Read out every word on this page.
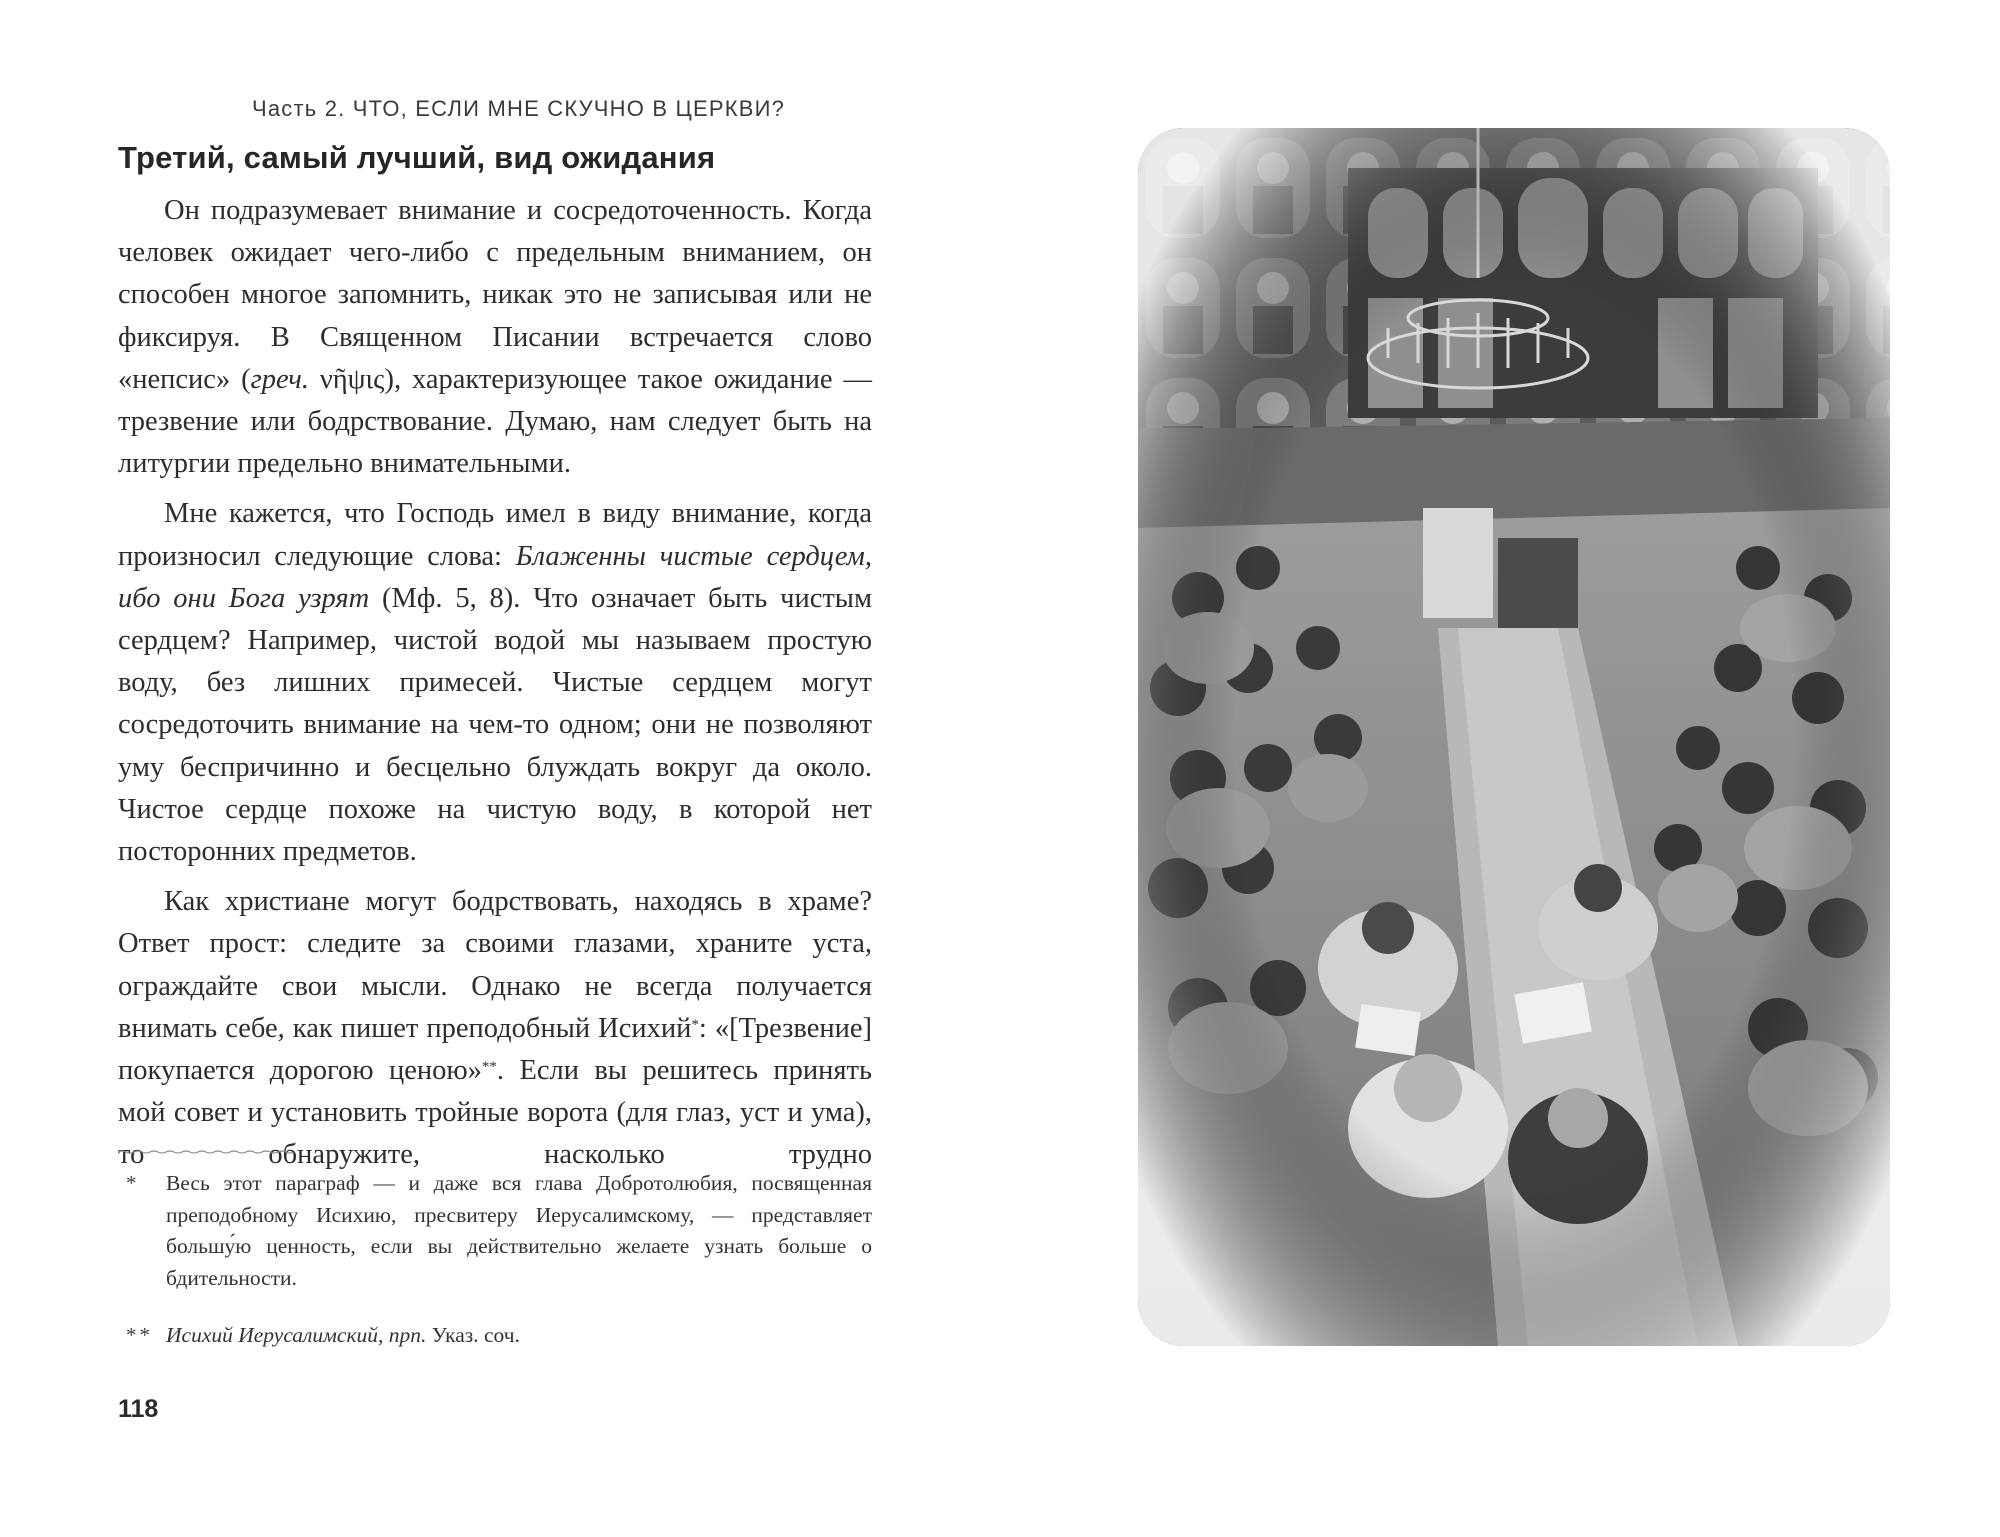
Часть 2. ЧТО, ЕСЛИ МНЕ СКУЧНО В ЦЕРКВИ?
Третий, самый лучший, вид ожидания

Он подразумевает внимание и сосредоточенность. Когда человек ожидает чего-либо с предельным вниманием, он способен многое запомнить, никак это не записывая или не фиксируя. В Священном Писании встречается слово «непсис» (греч. νῆψις), характеризующее такое ожидание — трезвение или бодрствование. Думаю, нам следует быть на литургии предельно внимательными.

Мне кажется, что Господь имел в виду внимание, когда произносил следующие слова: Блаженны чистые сердцем, ибо они Бога узрят (Мф. 5, 8). Что означает быть чистым сердцем? Например, чистой водой мы называем простую воду, без лишних примесей. Чистые сердцем могут сосредоточить внимание на чем-то одном; они не позволяют уму беспричинно и бесцельно блуждать вокруг да около. Чистое сердце похоже на чистую воду, в которой нет посторонних предметов.

Как христиане могут бодрствовать, находясь в храме? Ответ прост: следите за своими глазами, храните уста, ограждайте свои мысли. Однако не всегда получается внимать себе, как пишет преподобный Исихий*: «[Трезвение] покупается дорогою ценою»**. Если вы решитесь принять мой совет и установить тройные ворота (для глаз, уст и ума), то обнаружите, насколько трудно

*	Весь этот параграф — и даже вся глава Добротолюбия, посвященная преподобному Исихию, пресвитеру Иерусалимскому, — представляет большу́ю ценность, если вы действительно желаете узнать больше о бдительности.
** Исихий Иерусалимский, прп. Указ. соч.
118
